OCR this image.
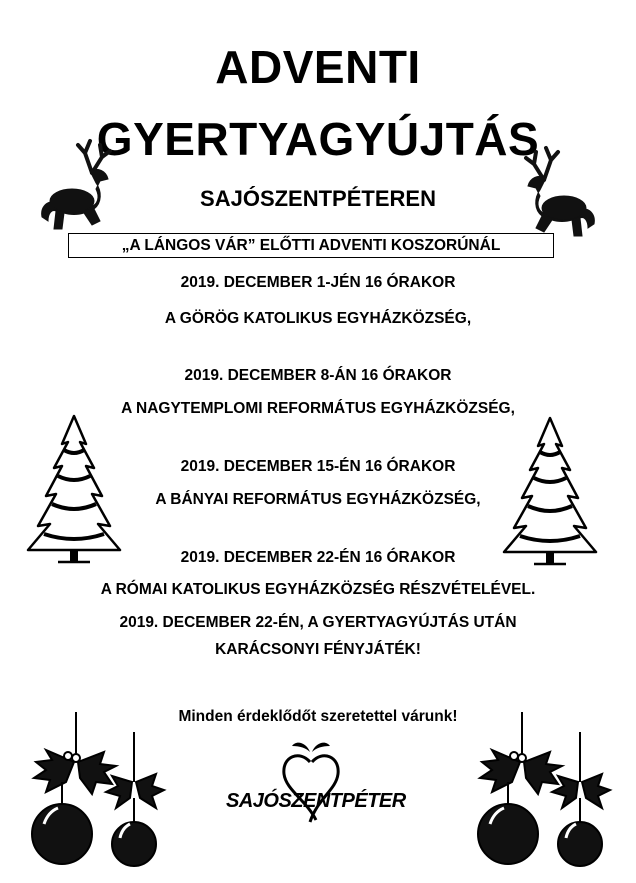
ADVENTI
GYERTYAGYÚJTÁS
SAJÓSZENTPÉTEREN
„A LÁNGOS VÁR” ELŐTTI ADVENTI KOSZORÚNÁL
2019. DECEMBER 1-JÉN 16 ÓRAKOR
A GÖRÖG KATOLIKUS EGYHÁZKÖZSÉG,
2019. DECEMBER 8-ÁN 16 ÓRAKOR
A NAGYTEMPLOMI REFORMÁTUS EGYHÁZKÖZSÉG,
2019. DECEMBER 15-ÉN 16 ÓRAKOR
A BÁNYAI REFORMÁTUS EGYHÁZKÖZSÉG,
2019. DECEMBER 22-ÉN 16 ÓRAKOR
A RÓMAI KATOLIKUS EGYHÁZKÖZSÉG RÉSZVÉTELÉVEL.
2019. DECEMBER 22-ÉN, A GYERTYAGYÚJTÁS UTÁN
KARÁCSONYI FÉNYJÁTÉK!
Minden érdeklődőt szeretettel várunk!
SAJÓSZENTPÉTER
